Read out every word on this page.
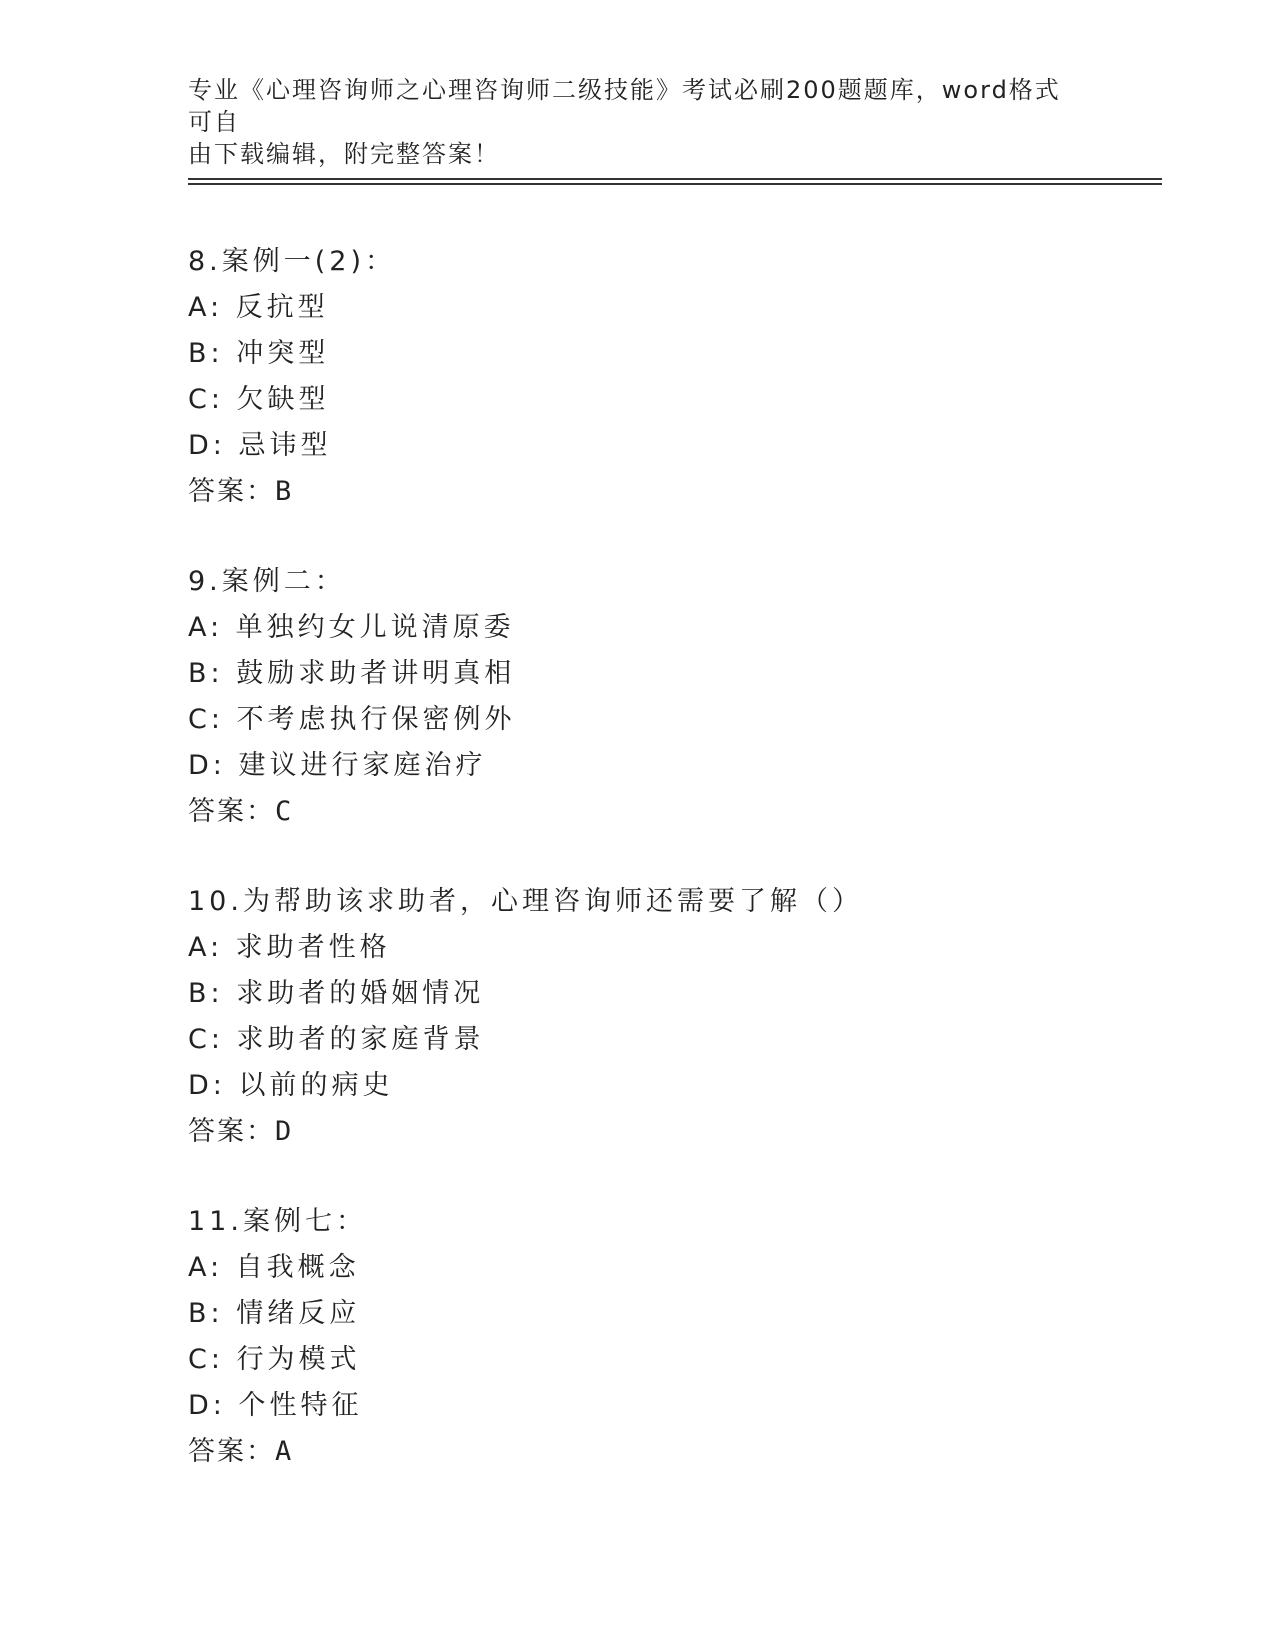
专业《心理咨询师之心理咨询师二级技能》考试必刷200题题库，word格式可自
由下载编辑，附完整答案！
8.案例一(2)：
A: 反抗型
B: 冲突型
C: 欠缺型
D: 忌讳型
答案：B
9.案例二：
A: 单独约女儿说清原委
B: 鼓励求助者讲明真相
C: 不考虑执行保密例外
D: 建议进行家庭治疗
答案：C
10.为帮助该求助者，心理咨询师还需要了解（）
A: 求助者性格
B: 求助者的婚姻情况
C: 求助者的家庭背景
D: 以前的病史
答案：D
11.案例七：
A: 自我概念
B: 情绪反应
C: 行为模式
D: 个性特征
答案：A
